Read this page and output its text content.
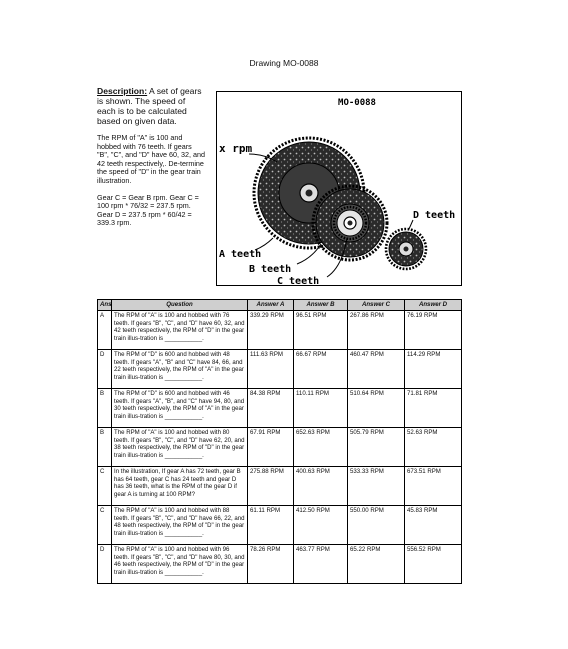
Drawing MO-0088

Description: A set of gears is shown. The speed of each is to be calculated based on given data.

The RPM of "A" is 100 and hobbed with 76 teeth. If gears "B", "C", and "D" have 60, 32, and 42 teeth respectively,. De-termine the speed of "D" in the gear train illustration.

Gear C = Gear B rpm. Gear C = 100 rpm * 76/32 = 237.5 rpm. Gear D = 237.5 rpm * 60/42 = 339.3 rpm.

MO-0088
x rpm
A teeth
B teeth
C teeth
D teeth
Ans	Question	Answer A	Answer B	Answer C	Answer D
A	The RPM of "A" is 100 and hobbed with 76 teeth. If gears "B", "C", and "D" have 60, 32, and 42 teeth respectively, the RPM of "D" in the gear train illus-tration is ___________.	339.29 RPM	96.51 RPM	267.86 RPM	76.19 RPM
D	The RPM of "D" is 600 and hobbed with 48 teeth. If gears "A", "B" and "C" have 84, 66, and 22 teeth respectively, the RPM of "A" in the gear train illus-tration is ___________.	111.63 RPM	66.67 RPM	460.47 RPM	114.29 RPM
B	The RPM of "D" is 600 and hobbed with 46 teeth. If gears "A", "B", and "C" have 94, 80, and 30 teeth respectively, the RPM of "A" in the gear train illus-tration is ___________.	84.38 RPM	110.11 RPM	510.64 RPM	71.81 RPM
B	The RPM of "A" is 100 and hobbed with 80 teeth. If gears "B", "C", and "D" have 62, 20, and 38 teeth respectively, the RPM of "D" in the gear train illus-tration is ___________.	67.91 RPM	652.63 RPM	505.79 RPM	52.63 RPM
C	In the illustration, If gear A has 72 teeth, gear B has 64 teeth, gear C has 24 teeth and gear D has 36 teeth, what is the RPM of the gear D if gear A is turning at 100 RPM?	275.88 RPM	400.63 RPM	533.33 RPM	673.51 RPM
C	The RPM of "A" is 100 and hobbed with 88 teeth. If gears "B", "C", and "D" have 66, 22, and 48 teeth respectively, the RPM of "D" in the gear train illus-tration is ___________.	61.11 RPM	412.50 RPM	550.00 RPM	45.83 RPM
D	The RPM of "A" is 100 and hobbed with 96 teeth. If gears "B", "C", and "D" have 80, 30, and 46 teeth respectively, the RPM of "D" in the gear train illus-tration is ___________.	78.26 RPM	463.77 RPM	65.22 RPM	556.52 RPM
